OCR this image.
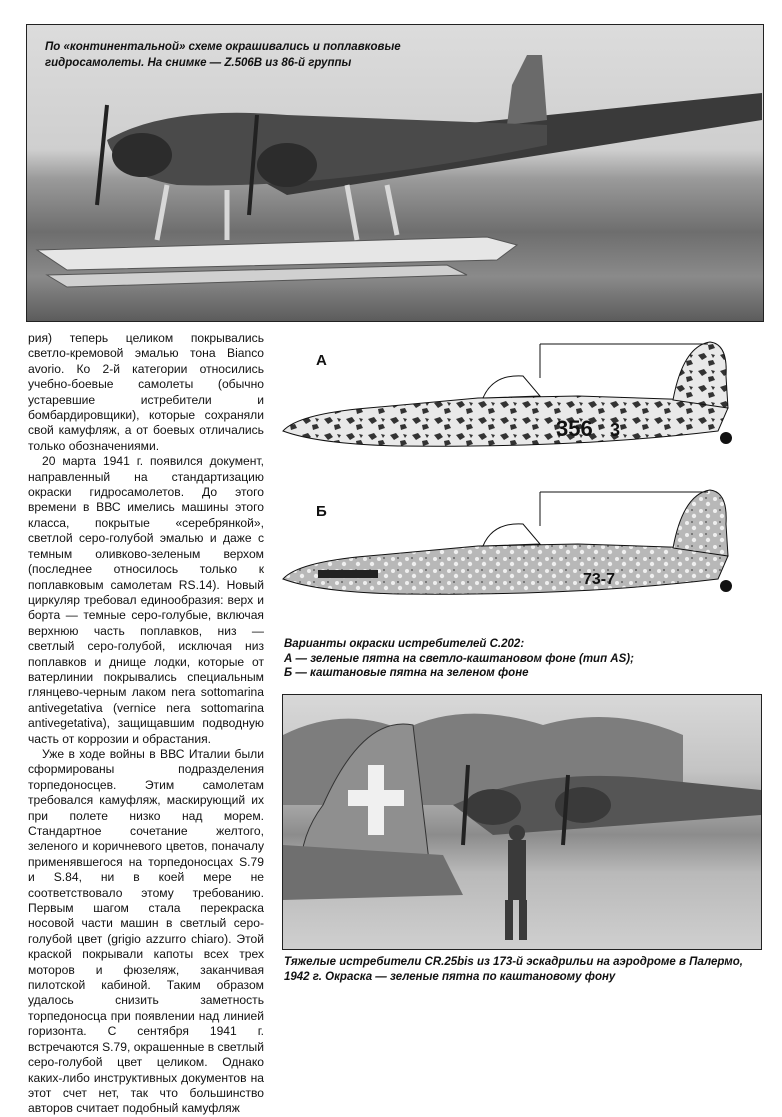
По «континентальной» схеме окрашивались и поплавковые
гидросамолеты. На снимке — Z.506B из 86-й группы

рия) теперь целиком покрывались светло-кремовой эмалью тона Bianco avorio. Ко 2-й категории относились учебно-боевые самолеты (обычно устаревшие истребители и бомбардировщики), которые сохраняли свой камуфляж, а от боевых отличались только обозначениями.

20 марта 1941 г. появился документ, направленный на стандартизацию окраски гидросамолетов. До этого времени в ВВС имелись машины этого класса, покрытые «серебрянкой», светлой серо-голубой эмалью и даже с темным оливково-зеленым верхом (последнее относилось только к поплавковым самолетам RS.14). Новый циркуляр требовал единообразия: верх и борта — темные серо-голубые, включая верхнюю часть поплавков, низ — светлый серо-голубой, исключая низ поплавков и днище лодки, которые от ватерлинии покрывались специальным глянцево-черным лаком nera sottomarina antivegetativa (vernice nera sottomarina antivegetativa), защищавшим подводную часть от коррозии и обрастания.

Уже в ходе войны в ВВС Италии были сформированы подразделения торпедоносцев. Этим самолетам требовался камуфляж, маскирующий их при полете низко над морем. Стандартное сочетание желтого, зеленого и коричневого цветов, поначалу применявшегося на торпедоносцах S.79 и S.84, ни в коей мере не соответствовало этому требованию. Первым шагом стала перекраска носовой части машин в светлый серо-голубой цвет (grigio azzurro chiaro). Этой краской покрывали капоты всех трех моторов и фюзеляж, заканчивая пилотской кабиной. Таким образом удалось снизить заметность торпедоносца при появлении над линией горизонта. С сентября 1941 г. встречаются S.79, окрашенные в светлый серо-голубой цвет целиком. Однако каких-либо инструктивных документов на этот счет нет, так что большинство авторов считает подобный камуфляж

А
356 3
Б
73-7
Варианты окраски истребителей С.202:
А — зеленые пятна на светло-каштановом фоне (тип AS);
Б — каштановые пятна на зеленом фоне
Тяжелые истребители CR.25bis из 173-й эскадрильи на аэродроме в Палермо,
1942 г. Окраска — зеленые пятна по каштановому фону
